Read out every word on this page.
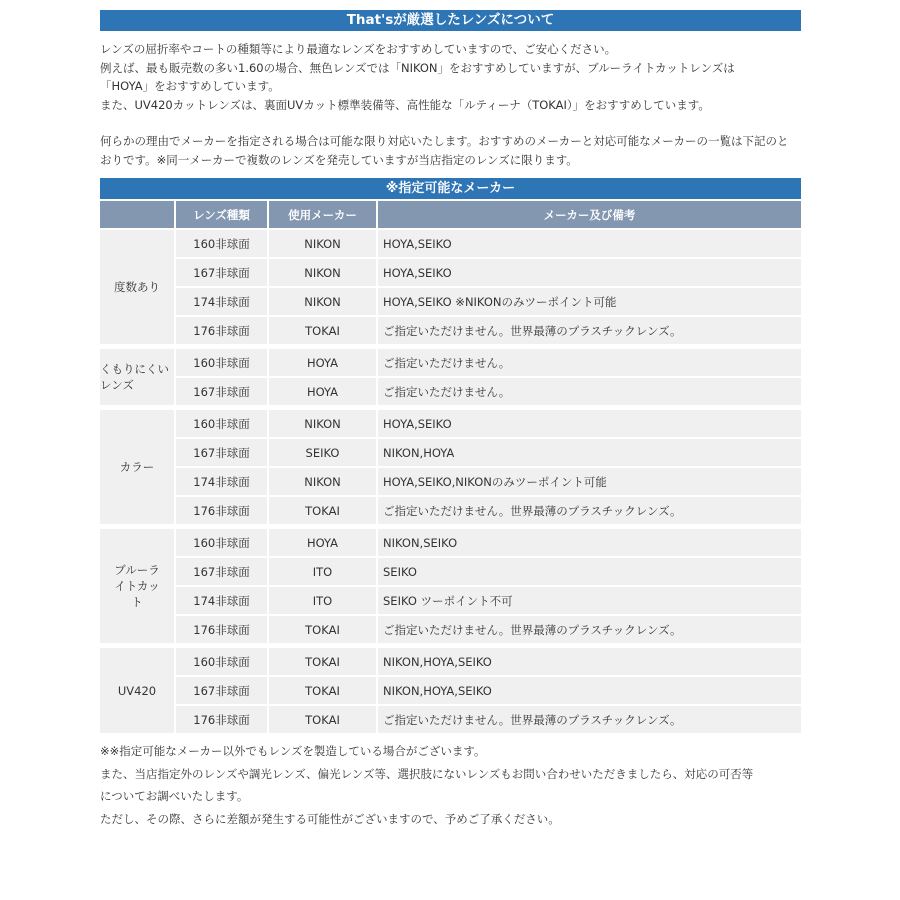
That'sが厳選したレンズについて

レンズの屈折率やコートの種類等により最適なレンズをおすすめしていますので、ご安心ください。

例えば、最も販売数の多い1.60の場合、無色レンズでは「NIKON」をおすすめしていますが、ブルーライトカットレンズは

「HOYA」をおすすめしています。

また、UV420カットレンズは、裏面UVカット標準装備等、高性能な「ルティーナ（TOKAI）」をおすすめしています。

何らかの理由でメーカーを指定される場合は可能な限り対応いたします。おすすめのメーカーと対応可能なメーカーの一覧は下記のと

おりです。※同一メーカーで複数のレンズを発売していますが当店指定のレンズに限ります。

※指定可能なメーカー
	レンズ種類	使用メーカー	メーカー及び備考
度数あり	160非球面	NIKON	HOYA,SEIKO
	167非球面	NIKON	HOYA,SEIKO
	174非球面	NIKON	HOYA,SEIKO ※NIKONのみツーポイント可能
	176非球面	TOKAI	ご指定いただけません。世界最薄のプラスチックレンズ。
くもりにくいレンズ	160非球面	HOYA	ご指定いただけません。
	167非球面	HOYA	ご指定いただけません。
カラー	160非球面	NIKON	HOYA,SEIKO
	167非球面	SEIKO	NIKON,HOYA
	174非球面	NIKON	HOYA,SEIKO,NIKONのみツーポイント可能
	176非球面	TOKAI	ご指定いただけません。世界最薄のプラスチックレンズ。
ブルーライトカット	160非球面	HOYA	NIKON,SEIKO
	167非球面	ITO	SEIKO
	174非球面	ITO	SEIKO ツーポイント不可
	176非球面	TOKAI	ご指定いただけません。世界最薄のプラスチックレンズ。
UV420	160非球面	TOKAI	NIKON,HOYA,SEIKO
	167非球面	TOKAI	NIKON,HOYA,SEIKO
	176非球面	TOKAI	ご指定いただけません。世界最薄のプラスチックレンズ。

※※指定可能なメーカー以外でもレンズを製造している場合がございます。

また、当店指定外のレンズや調光レンズ、偏光レンズ等、選択肢にないレンズもお問い合わせいただきましたら、対応の可否等

についてお調べいたします。

ただし、その際、さらに差額が発生する可能性がございますので、予めご了承ください。
